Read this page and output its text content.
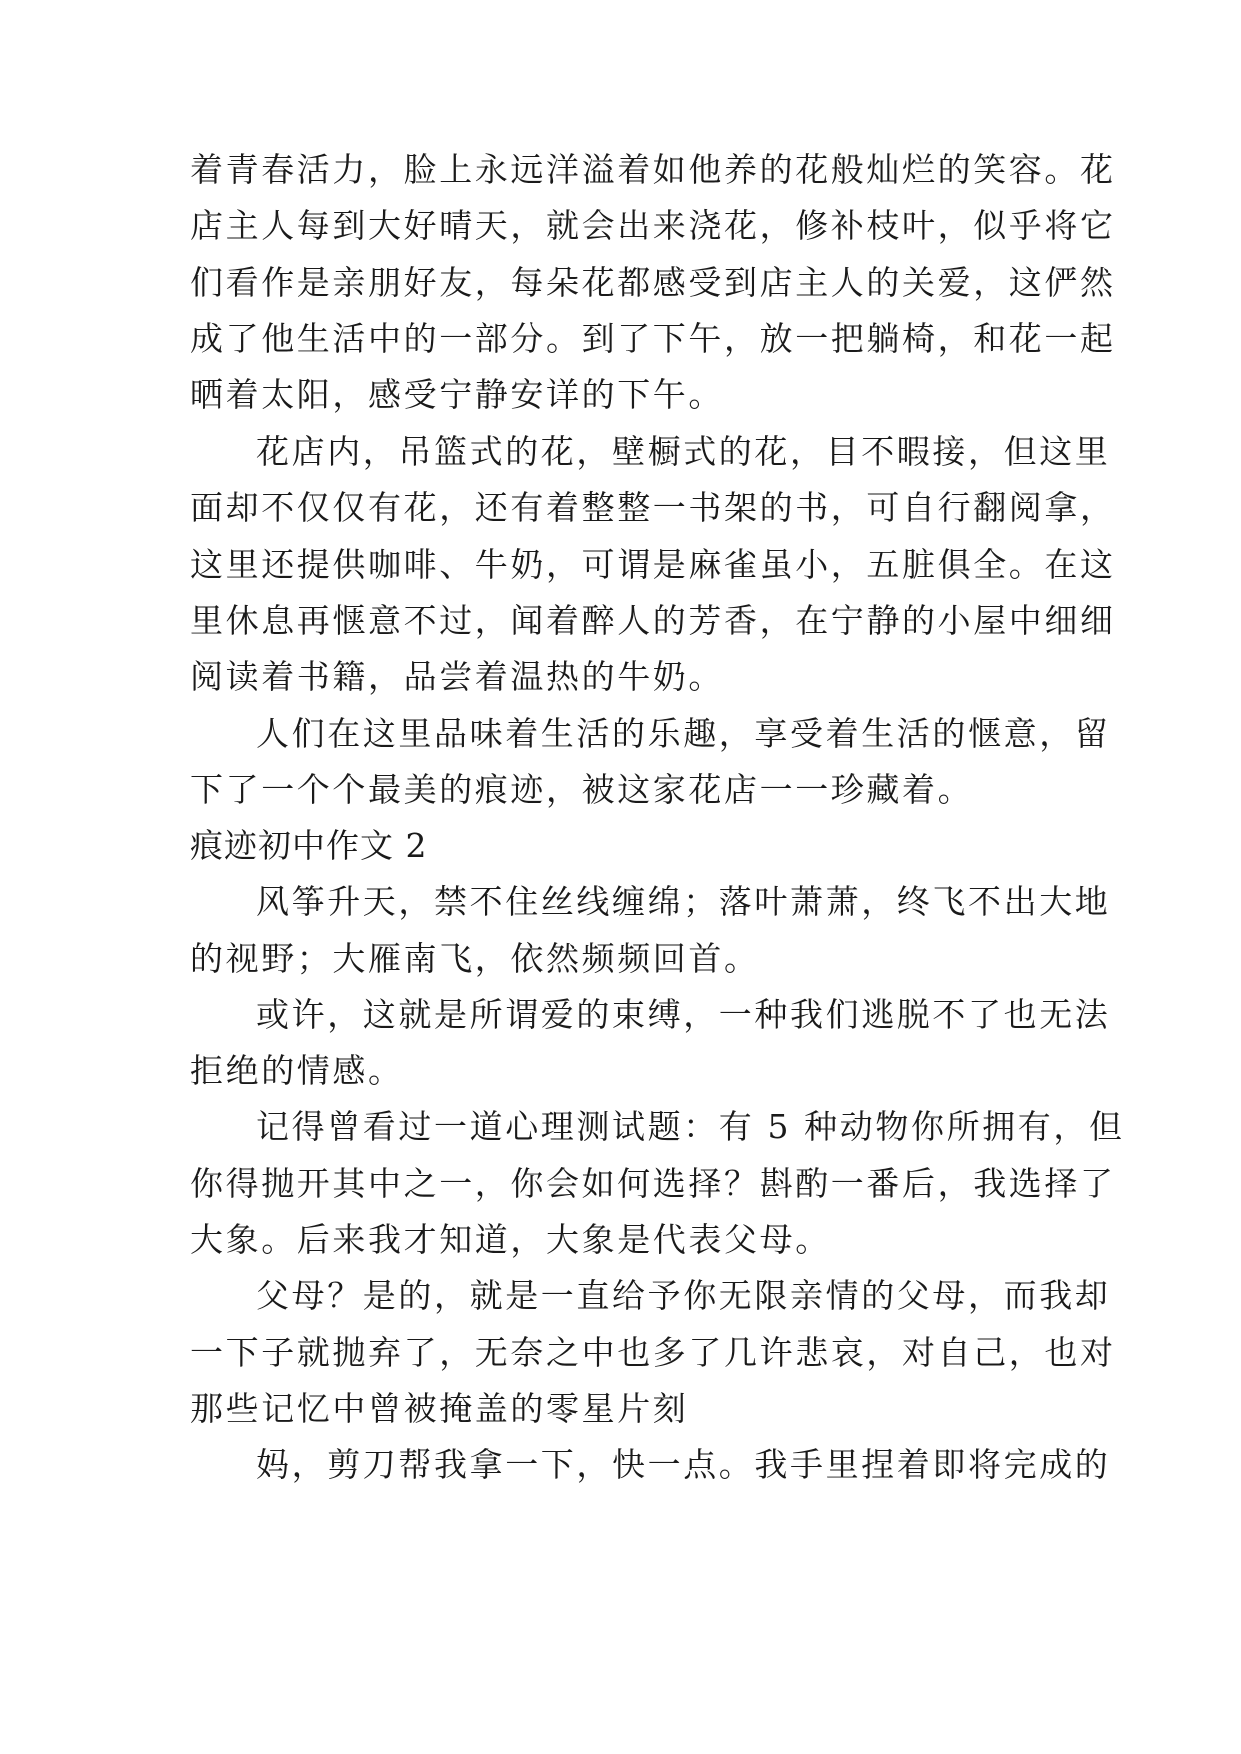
着青春活力，脸上永远洋溢着如他养的花般灿烂的笑容。花
店主人每到大好晴天，就会出来浇花，修补枝叶，似乎将它
们看作是亲朋好友，每朵花都感受到店主人的关爱，这俨然
成了他生活中的一部分。到了下午，放一把躺椅，和花一起
晒着太阳，感受宁静安详的下午。
花店内，吊篮式的花，壁橱式的花，目不暇接，但这里
面却不仅仅有花，还有着整整一书架的书，可自行翻阅拿，
这里还提供咖啡、牛奶，可谓是麻雀虽小，五脏俱全。在这
里休息再惬意不过，闻着醉人的芳香，在宁静的小屋中细细
阅读着书籍，品尝着温热的牛奶。
人们在这里品味着生活的乐趣，享受着生活的惬意，留
下了一个个最美的痕迹，被这家花店一一珍藏着。
痕迹初中作文 2
风筝升天，禁不住丝线缠绵；落叶萧萧，终飞不出大地
的视野；大雁南飞，依然频频回首。
或许，这就是所谓爱的束缚，一种我们逃脱不了也无法
拒绝的情感。
记得曾看过一道心理测试题：有 5 种动物你所拥有，但
你得抛开其中之一，你会如何选择？斟酌一番后，我选择了
大象。后来我才知道，大象是代表父母。
父母？是的，就是一直给予你无限亲情的父母，而我却
一下子就抛弃了，无奈之中也多了几许悲哀，对自己，也对
那些记忆中曾被掩盖的零星片刻
妈，剪刀帮我拿一下，快一点。我手里捏着即将完成的
